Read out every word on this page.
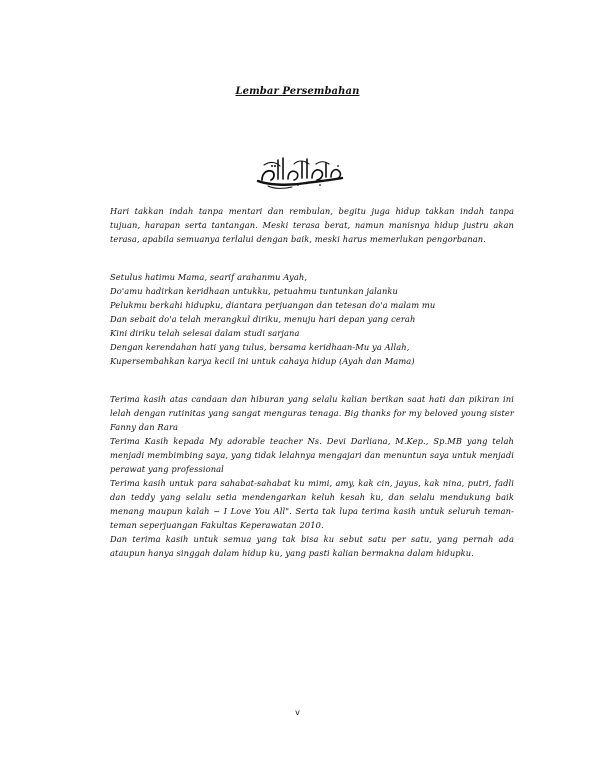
Lembar Persembahan

Hari takkan indah tanpa mentari dan rembulan, begitu juga hidup takkan indah tanpa tujuan, harapan serta tantangan. Meski terasa berat, namun manisnya hidup justru akan terasa, apabila semuanya terlalui dengan baik, meski harus memerlukan pengorbanan.

Setulus hatimu Mama, searif arahanmu Ayah,
Do'amu hadirkan keridhaan untukku, petuahmu tuntunkan jalanku
Pelukmu berkahi hidupku, diantara perjuangan dan tetesan do'a malam mu
Dan sebait do'a telah merangkul diriku, menuju hari depan yang cerah
Kini diriku telah selesai dalam studi sarjana
Dengan kerendahan hati yang tulus, bersama keridhaan-Mu ya Allah,
Kupersembahkan karya kecil ini untuk cahaya hidup (Ayah dan Mama)

Terima kasih atas candaan dan hiburan yang selalu kalian berikan saat hati dan pikiran ini lelah dengan rutinitas yang sangat menguras tenaga. Big thanks for my beloved young sister Fanny dan Rara

Terima Kasih kepada My adorable teacher Ns. Devi Darliana, M.Kep., Sp.MB yang telah menjadi membimbing saya, yang tidak lelahnya mengajari dan menuntun saya untuk menjadi perawat yang professional

Terima kasih untuk para sahabat-sahabat ku mimi, amy, kak cin, jayus, kak nina, putri, fadli dan teddy yang selalu setia mendengarkan keluh kesah ku, dan selalu mendukung baik menang maupun kalah ~ I Love You All". Serta tak lupa terima kasih untuk seluruh teman-teman seperjuangan Fakultas Keperawatan 2010.

Dan terima kasih untuk semua yang tak bisa ku sebut satu per satu, yang pernah ada ataupun hanya singgah dalam hidup ku, yang pasti kalian bermakna dalam hidupku.

v
